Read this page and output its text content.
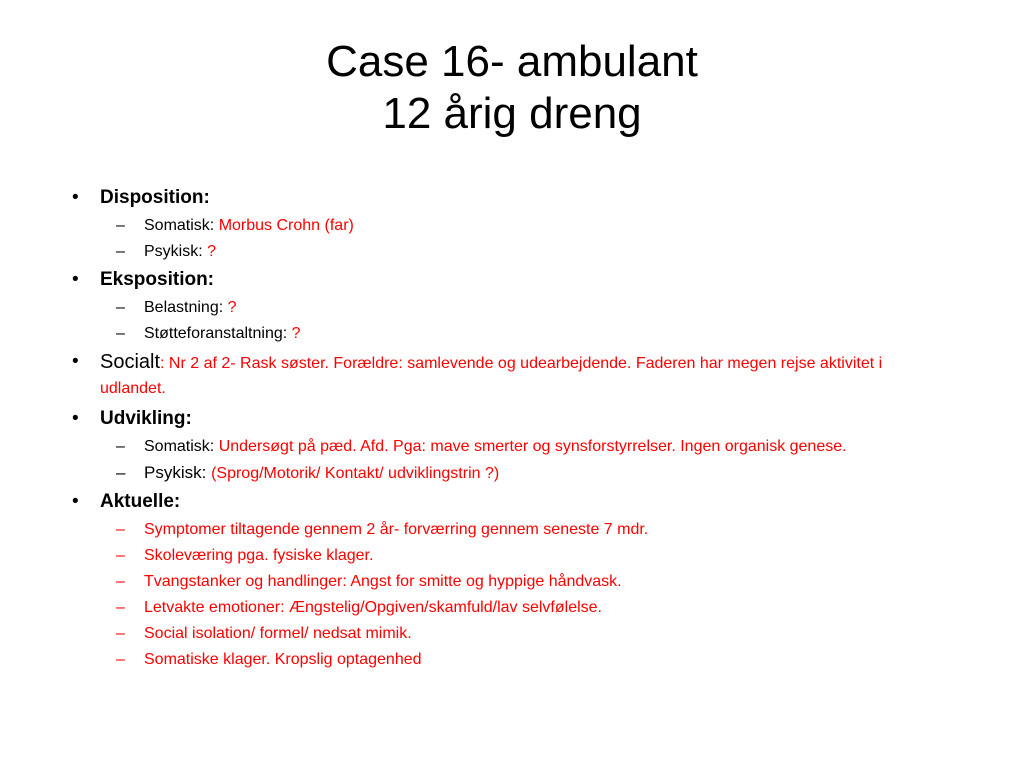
Case 16- ambulant
12 årig dreng
•	Disposition:
– Somatisk: Morbus Crohn (far)
– Psykisk: ?
•	Eksposition:
– Belastning: ?
– Støtteforanstaltning: ?
•	Socialt: Nr 2 af 2- Rask søster. Forældre: samlevende og udearbejdende. Faderen har megen rejse aktivitet i udlandet.
•	Udvikling:
– Somatisk: Undersøgt på pæd. Afd. Pga: mave smerter og synsforstyrrelser. Ingen organisk genese.
– Psykisk: (Sprog/Motorik/ Kontakt/ udviklingstrin ?)
•	Aktuelle:
– Symptomer tiltagende gennem 2 år- forværring gennem seneste 7 mdr.
– Skoleværing pga. fysiske klager.
– Tvangstanker og handlinger: Angst for smitte og hyppige håndvask.
– Letvakte emotioner: Ængstelig/Opgiven/skamfuld/lav selvfølelse.
– Social isolation/ formel/ nedsat mimik.
– Somatiske klager. Kropslig optagenhed
